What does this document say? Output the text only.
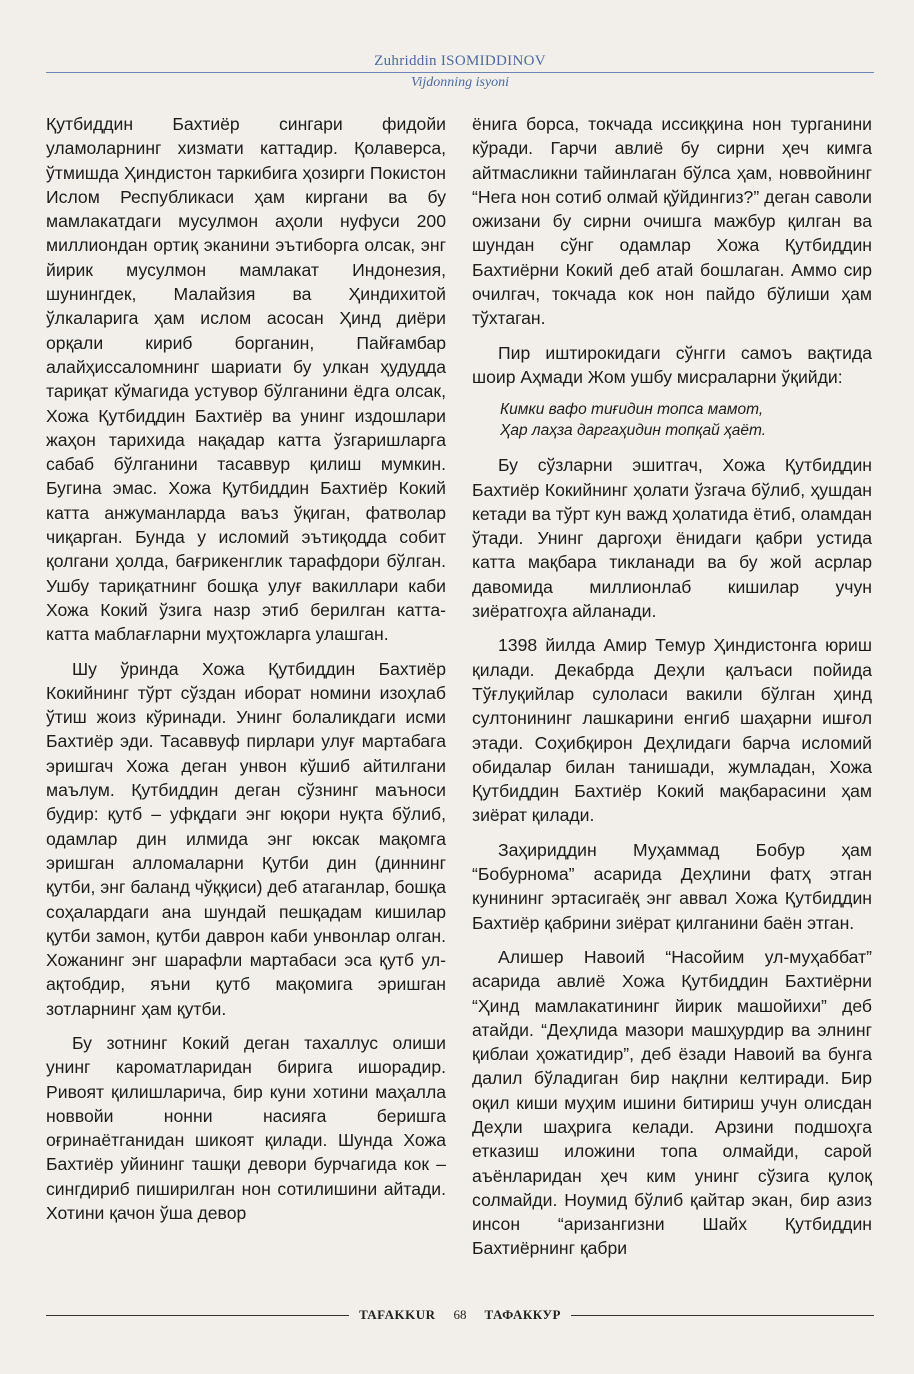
Zuhriddin ISOMIDDINOV
Vijdonning isyoni

Қутбиддин Бахтиёр сингари фидойи уламоларнинг хизмати каттадир. Қолаверса, ўтмишда Ҳиндистон таркибига ҳозирги Покистон Ислом Республикаси ҳам киргани ва бу мамлакатдаги мусулмон аҳоли нуфуси 200 миллиондан ортиқ эканини эътиборга олсак, энг йирик мусулмон мамлакат Индонезия, шунингдек, Малайзия ва Ҳиндихитой ўлкаларига ҳам ислом асосан Ҳинд диёри орқали кириб борганин, Пайғамбар алайҳиссаломнинг шариати бу улкан ҳудудда тариқат кўмагида устувор бўлганини ёдга олсак, Хожа Қутбиддин Бахтиёр ва унинг издошлари жаҳон тарихида нақадар катта ўзгаришларга сабаб бўлганини тасаввур қилиш мумкин. Бугина эмас. Хожа Қутбиддин Бахтиёр Кокий катта анжуманларда ваъз ўқиган, фатволар чиқарган. Бунда у исломий эътиқодда собит қолгани ҳолда, бағрикенглик тарафдори бўлган. Ушбу тариқатнинг бошқа улуғ вакиллари каби Хожа Кокий ўзига назр этиб берилган катта-катта маблағларни муҳтожларга улашган.

Шу ўринда Хожа Қутбиддин Бахтиёр Кокийнинг тўрт сўздан иборат номини изоҳлаб ўтиш жоиз кўринади. Унинг болаликдаги исми Бахтиёр эди. Тасаввуф пирлари улуғ мартабага эришгач Хожа деган унвон кўшиб айтилгани маълум. Қутбиддин деган сўзнинг маъноси будир: қутб – уфқдаги энг юқори нуқта бўлиб, одамлар дин илмида энг юксак мақомга эришган алломаларни Қутби дин (диннинг қутби, энг баланд чўққиси) деб атаганлар, бошқа соҳалардаги ана шундай пешқадам кишилар қутби замон, қутби даврон каби унвонлар олган. Хожанинг энг шарафли мартабаси эса қутб ул-ақтобдир, яъни қутб мақомига эришган зотларнинг ҳам қутби.

Бу зотнинг Кокий деган тахаллус олиши унинг кароматларидан бирига ишорадир. Ривоят қилишларича, бир куни хотини маҳалла новвойи нонни насияга беришга оғринаётганидан шикоят қилади. Шунда Хожа Бахтиёр уйининг ташқи девори бурчагида кок – сингдириб пиширилган нон сотилишини айтади. Хотини қачон ўша девор

ёнига борса, токчада иссиққина нон турганини кўради. Гарчи авлиё бу сирни ҳеч кимга айтмасликни тайинлаган бўлса ҳам, новвойнинг “Нега нон сотиб олмай қўйдингиз?” деган саволи ожизани бу сирни очишга мажбур қилган ва шундан сўнг одамлар Хожа Қутбиддин Бахтиёрни Кокий деб атай бошлаган. Аммо сир очилгач, токчада кок нон пайдо бўлиши ҳам тўхтаган.

Пир иштирокидаги сўнгги самоъ вақтида шоир Аҳмади Жом ушбу мисраларни ўқийди:

Кимки вафо тиғидин топса мамот,
Ҳар лаҳза даргаҳидин топқай ҳаёт.

Бу сўзларни эшитгач, Хожа Қутбиддин Бахтиёр Кокийнинг ҳолати ўзгача бўлиб, ҳушдан кетади ва тўрт кун важд ҳолатида ётиб, оламдан ўтади. Унинг даргоҳи ёнидаги қабри устида катта мақбара тикланади ва бу жой асрлар давомида миллионлаб кишилар учун зиёратгоҳга айланади.

1398 йилда Амир Темур Ҳиндистонга юриш қилади. Декабрда Деҳли қалъаси пойида Тўғлуқийлар сулоласи вакили бўлган ҳинд султонининг лашкарини енгиб шаҳарни ишғол этади. Соҳибқирон Деҳлидаги барча исломий обидалар билан танишади, жумладан, Хожа Қутбиддин Бахтиёр Кокий мақбарасини ҳам зиёрат қилади.

Заҳириддин Муҳаммад Бобур ҳам “Бобурнома” асарида Деҳлини фатҳ этган кунининг эртасигаёқ энг аввал Хожа Қутбиддин Бахтиёр қабрини зиёрат қилганини баён этган.

Алишер Навоий “Насойим ул-муҳаббат” асарида авлиё Хожа Қутбиддин Бахтиёрни “Ҳинд мамлакатининг йирик машойихи” деб атайди. “Деҳлида мазори машҳурдир ва элнинг қиблаи ҳожатидир”, деб ёзади Навоий ва бунга далил бўладиган бир нақлни келтиради. Бир оқил киши муҳим ишини битириш учун олисдан Деҳли шаҳрига келади. Арзини подшоҳга етказиш иложини топа олмайди, сарой аъёнларидан ҳеч ким унинг сўзига қулоқ солмайди. Ноумид бўлиб қайтар экан, бир азиз инсон “аризангизни Шайх Қутбиддин Бахтиёрнинг қабри

TAFAKKUR	68	ТАФАККУР
